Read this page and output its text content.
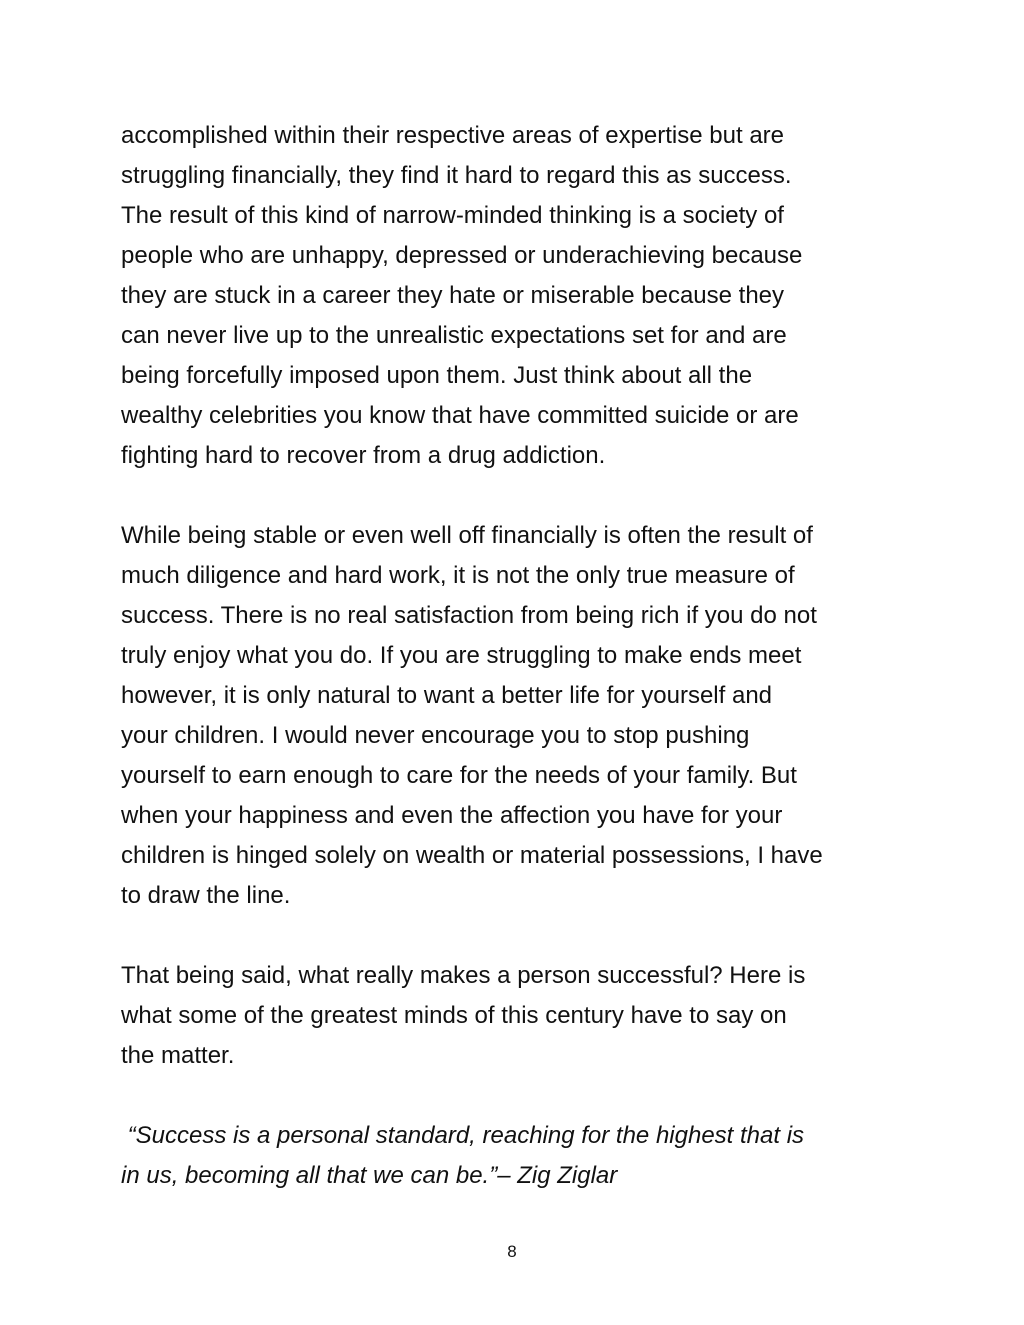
accomplished within their respective areas of expertise but are
struggling financially, they find it hard to regard this as success.
The result of this kind of narrow-minded thinking is a society of
people who are unhappy, depressed or underachieving because
they are stuck in a career they hate or miserable because they
can never live up to the unrealistic expectations set for and are
being forcefully imposed upon them. Just think about all the
wealthy celebrities you know that have committed suicide or are
fighting hard to recover from a drug addiction.
While being stable or even well off financially is often the result of
much diligence and hard work, it is not the only true measure of
success. There is no real satisfaction from being rich if you do not
truly enjoy what you do. If you are struggling to make ends meet
however, it is only natural to want a better life for yourself and
your children. I would never encourage you to stop pushing
yourself to earn enough to care for the needs of your family. But
when your happiness and even the affection you have for your
children is hinged solely on wealth or material possessions, I have
to draw the line.
That being said, what really makes a person successful? Here is
what some of the greatest minds of this century have to say on
the matter.
“Success is a personal standard, reaching for the highest that is
in us, becoming all that we can be.”– Zig Ziglar
8
